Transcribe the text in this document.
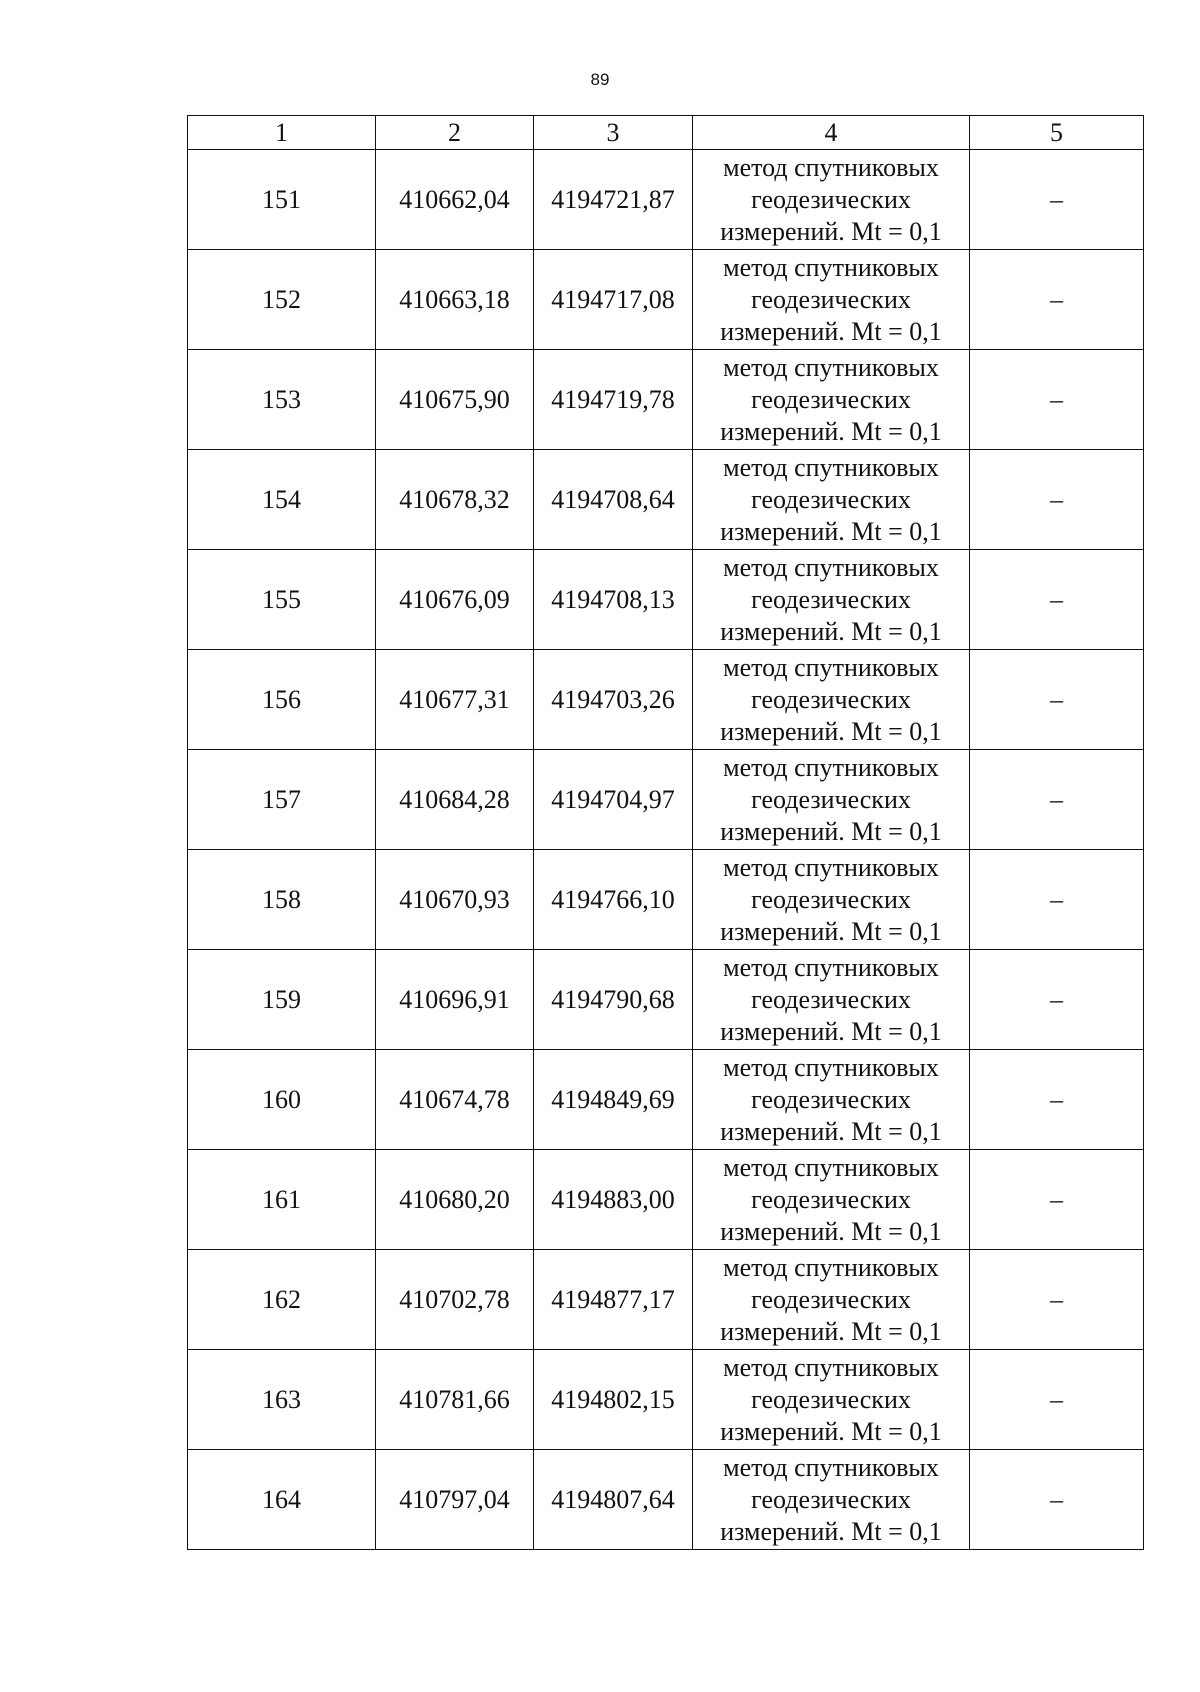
89
1	2	3	4	5
151	410662,04	4194721,87	метод спутниковых
геодезических
измерений. Mt = 0,1	–
152	410663,18	4194717,08	метод спутниковых
геодезических
измерений. Mt = 0,1	–
153	410675,90	4194719,78	метод спутниковых
геодезических
измерений. Mt = 0,1	–
154	410678,32	4194708,64	метод спутниковых
геодезических
измерений. Mt = 0,1	–
155	410676,09	4194708,13	метод спутниковых
геодезических
измерений. Mt = 0,1	–
156	410677,31	4194703,26	метод спутниковых
геодезических
измерений. Mt = 0,1	–
157	410684,28	4194704,97	метод спутниковых
геодезических
измерений. Mt = 0,1	–
158	410670,93	4194766,10	метод спутниковых
геодезических
измерений. Mt = 0,1	–
159	410696,91	4194790,68	метод спутниковых
геодезических
измерений. Mt = 0,1	–
160	410674,78	4194849,69	метод спутниковых
геодезических
измерений. Mt = 0,1	–
161	410680,20	4194883,00	метод спутниковых
геодезических
измерений. Mt = 0,1	–
162	410702,78	4194877,17	метод спутниковых
геодезических
измерений. Mt = 0,1	–
163	410781,66	4194802,15	метод спутниковых
геодезических
измерений. Mt = 0,1	–
164	410797,04	4194807,64	метод спутниковых
геодезических
измерений. Mt = 0,1	–
